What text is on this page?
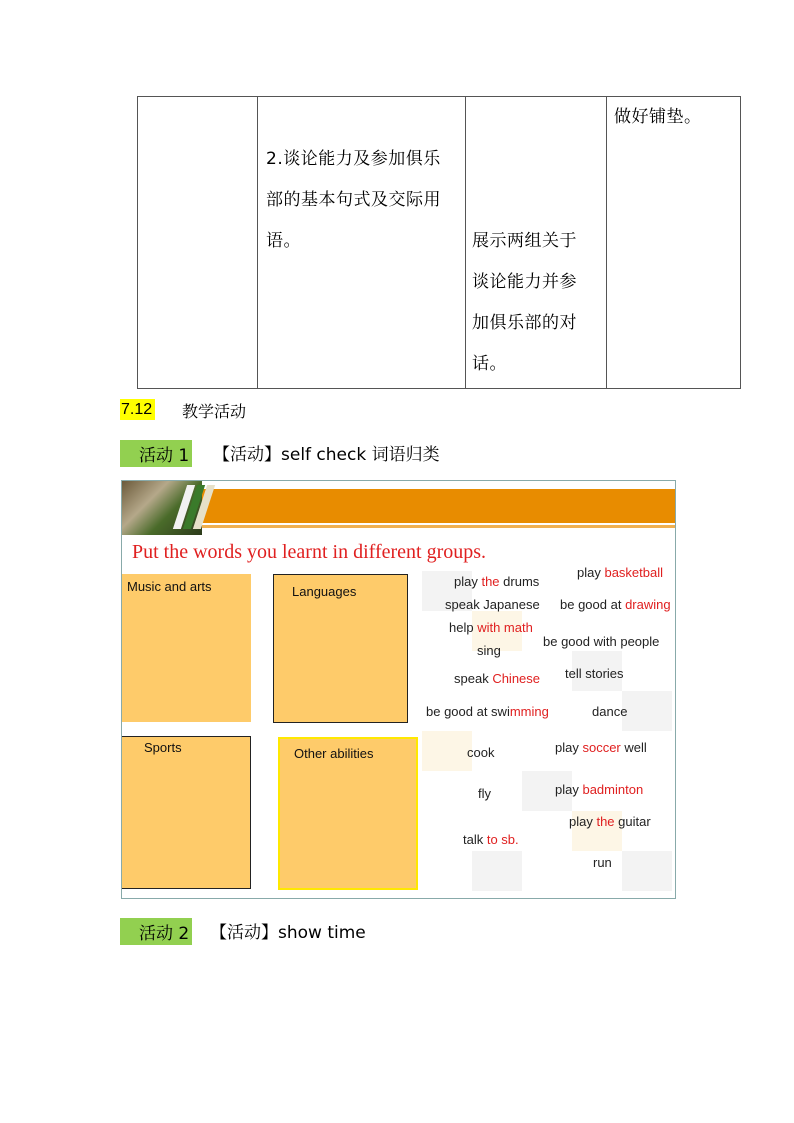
2.谈论能力及参加俱乐
部的基本句式及交际用
语。	展示两组关于
谈论能力并参
加俱乐部的对
话。

做好铺垫。
7.12 教学活动
活动 1 【活动】self check 词语归类
Put the words you learnt in different groups.
Music and arts	Languages
Sports	Other abilities
play the drums
play basketball
speak Japanese be good at drawing
help with math
be good with people
sing
speak Chinese tell stories
be good at swimming	dance
cook	play soccer well
fly	play badminton
play the guitar
talk to sb.
run
活动 2 【活动】show time
